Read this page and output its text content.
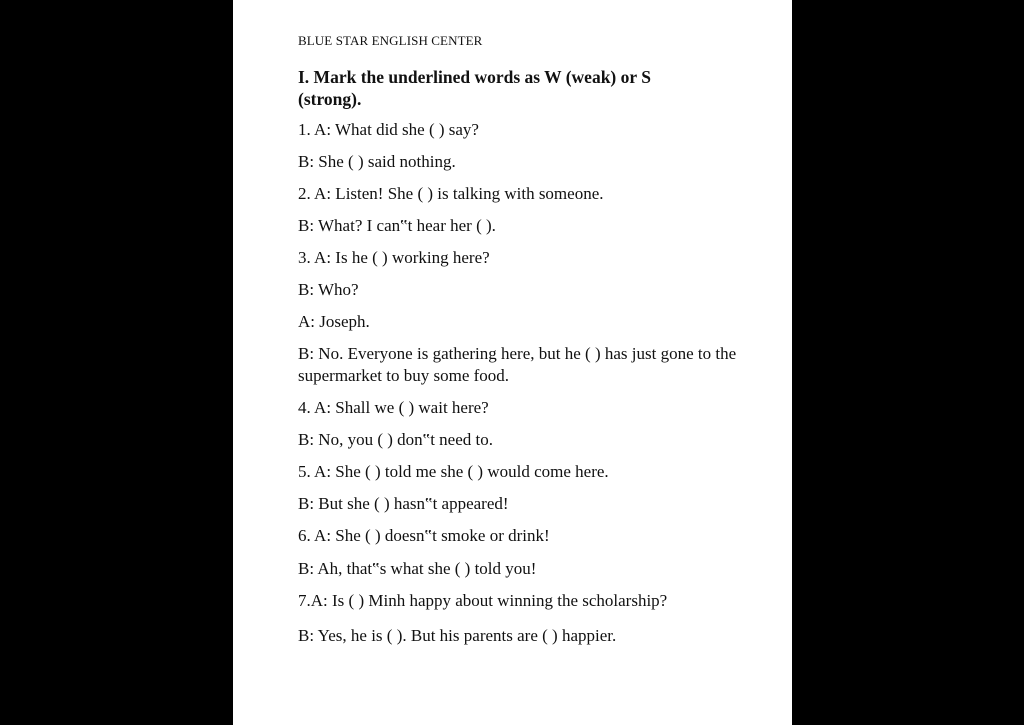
BLUE STAR ENGLISH CENTER
I. Mark the underlined words as W (weak) or S (strong).
1. A: What did she ( ) say?
B: She ( ) said nothing.
2. A: Listen! She ( ) is talking with someone.
B: What? I can‟t hear her ( ).
3. A: Is he ( ) working here?
B: Who?
A: Joseph.
B: No. Everyone is gathering here, but he ( ) has just gone to the supermarket to buy some food.
4. A: Shall we ( ) wait here?
B: No, you ( ) don‟t need to.
5. A: She ( ) told me she ( ) would come here.
B: But she ( ) hasn‟t appeared!
6. A: She ( ) doesn‟t smoke or drink!
B: Ah, that‟s what she ( ) told you!
7.A: Is ( ) Minh happy about winning the scholarship?
B: Yes, he is ( ). But his parents are ( ) happier.
